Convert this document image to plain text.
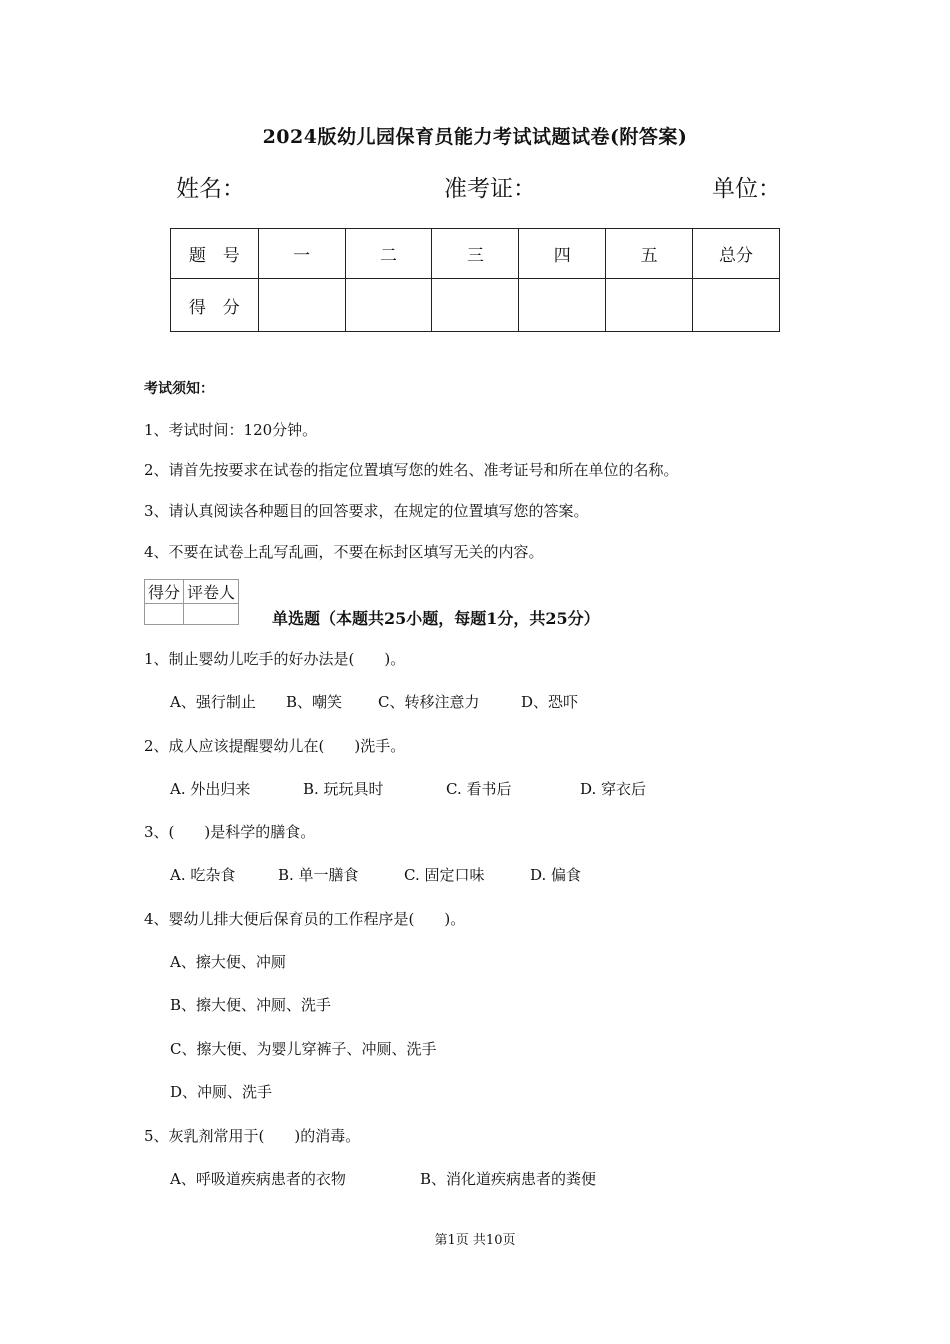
2024版幼儿园保育员能力考试试题试卷(附答案)
姓名：	准考证：	单位：
题　号	一	二	三	四	五	总分
得　分						
考试须知：
1、考试时间：120分钟。
2、请首先按要求在试卷的指定位置填写您的姓名、准考证号和所在单位的名称。
3、请认真阅读各种题目的回答要求，在规定的位置填写您的答案。
4、不要在试卷上乱写乱画，不要在标封区填写无关的内容。
得分	评卷人

单选题（本题共25小题，每题1分，共25分）
1、制止婴幼儿吃手的好办法是(　　)。
A、强行制止 B、嘲笑 C、转移注意力	D、恐吓
2、成人应该提醒婴幼儿在(　　)洗手。
A. 外出归来	B. 玩玩具时	C. 看书后	D. 穿衣后
3、(　　)是科学的膳食。
A. 吃杂食	B. 单一膳食	C. 固定口味	D. 偏食
4、婴幼儿排大便后保育员的工作程序是(　　)。
A、擦大便、冲厕
B、擦大便、冲厕、洗手
C、擦大便、为婴儿穿裤子、冲厕、洗手
D、冲厕、洗手
5、灰乳剂常用于(　　)的消毒。
A、呼吸道疾病患者的衣物	B、消化道疾病患者的粪便
第1页 共10页
